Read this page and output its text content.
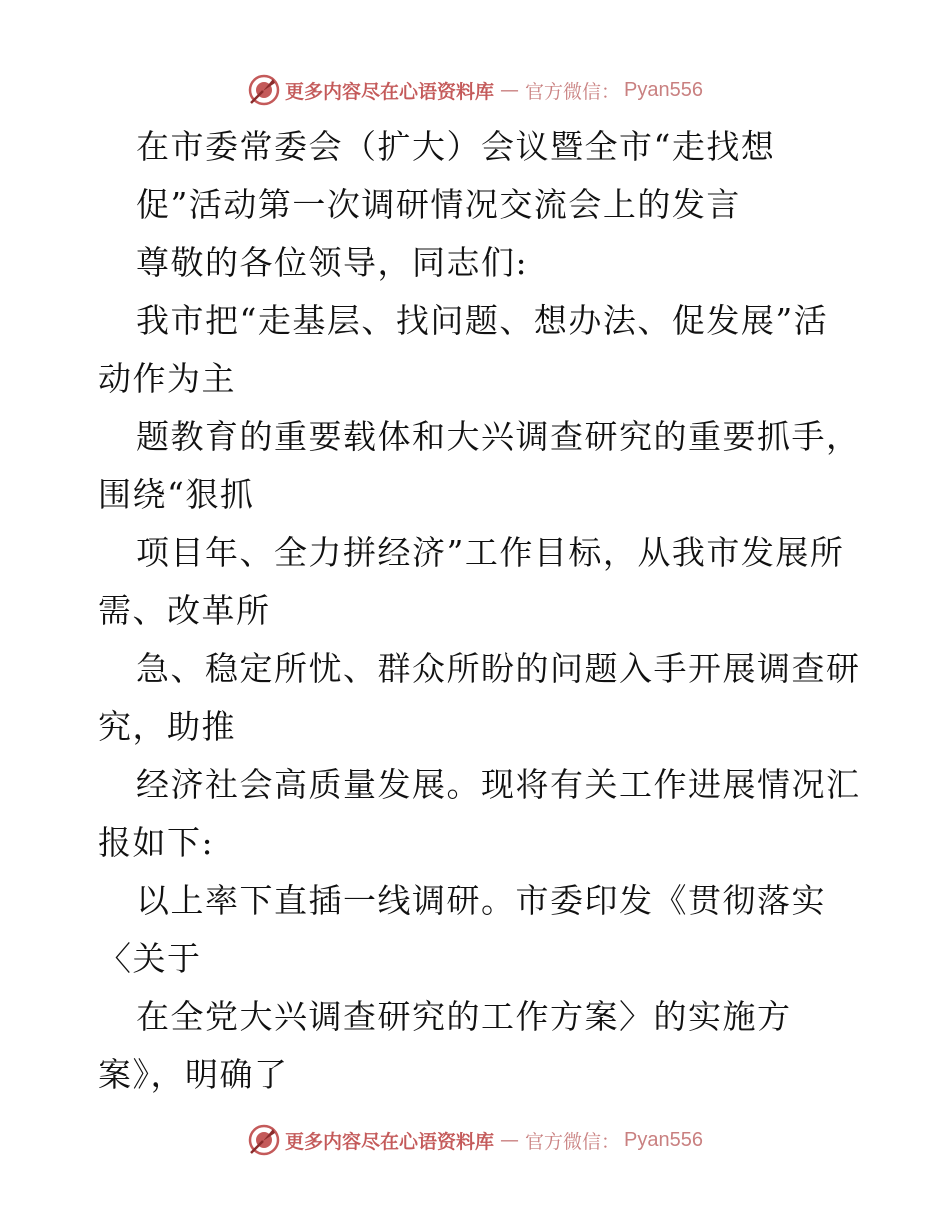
更多内容尽在心语资料库 — 官方微信： Pyan556
在市委常委会（扩大）会议暨全市“走找想
促”活动第一次调研情况交流会上的发言
尊敬的各位领导，同志们:
我市把“走基层、找问题、想办法、促发展”活
动作为主
题教育的重要载体和大兴调查研究的重要抓手，
围绕“狠抓
项目年、全力拼经济”工作目标，从我市发展所
需、改革所
急、稳定所忧、群众所盼的问题入手开展调查研
究，助推
经济社会高质量发展。现将有关工作进展情况汇
报如下:
以上率下直插一线调研。市委印发《贯彻落实
〈关于
在全党大兴调查研究的工作方案〉的实施方
案》，明确了
更多内容尽在心语资料库 — 官方微信： Pyan556
